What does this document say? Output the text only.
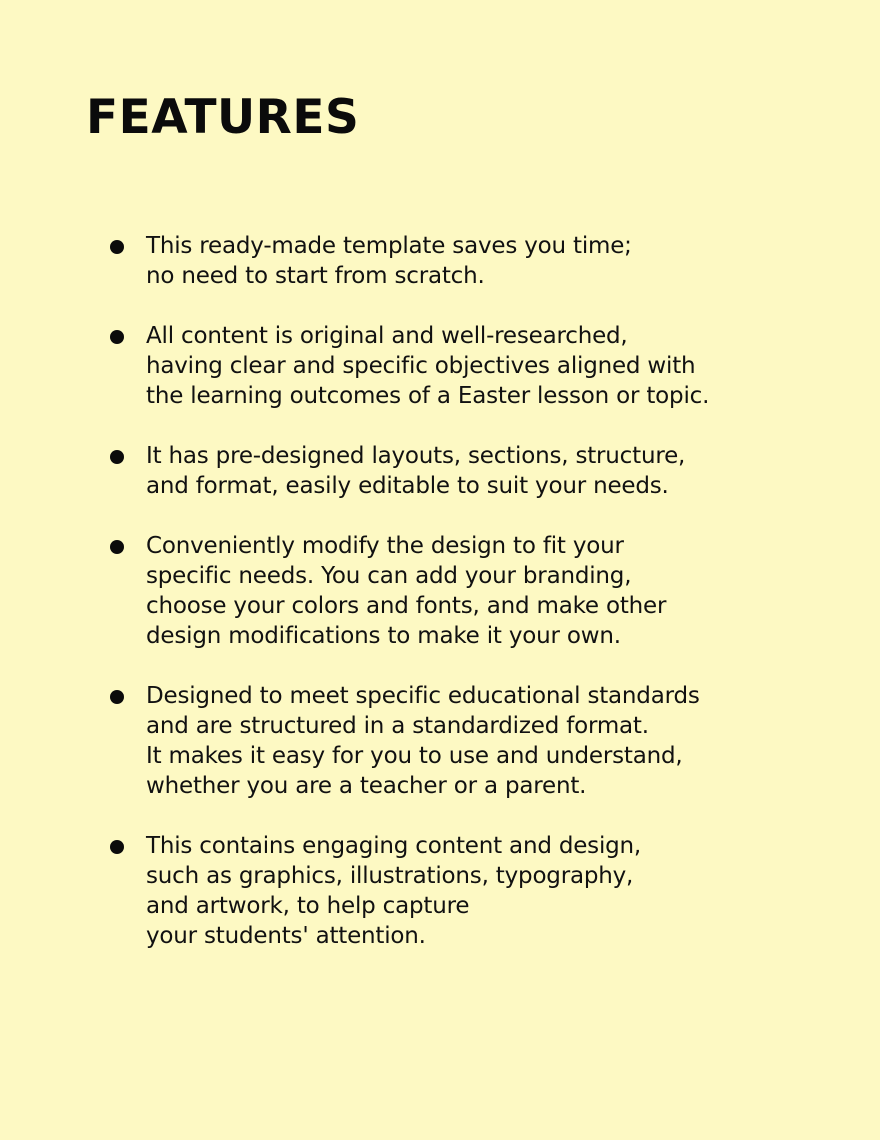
FEATURES

This ready-made template saves you time;
no need to start from scratch.

All content is original and well-researched,
having clear and specific objectives aligned with
the learning outcomes of a Easter lesson or topic.

It has pre-designed layouts, sections, structure,
and format, easily editable to suit your needs.

Conveniently modify the design to fit your
specific needs. You can add your branding,
choose your colors and fonts, and make other
design modifications to make it your own.

Designed to meet specific educational standards
and are structured in a standardized format.
It makes it easy for you to use and understand,
whether you are a teacher or a parent.

This contains engaging content and design,
such as graphics, illustrations, typography,
and artwork, to help capture
your students' attention.
